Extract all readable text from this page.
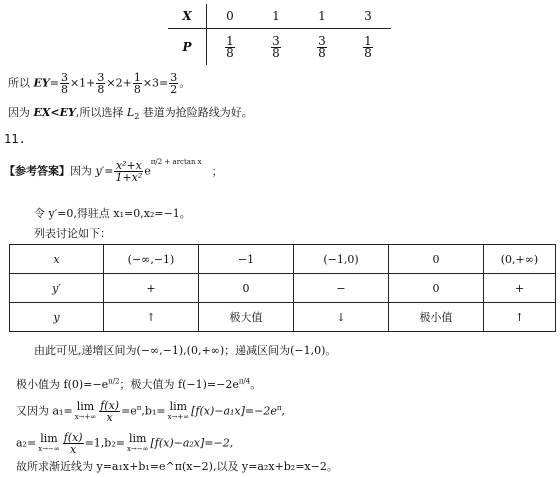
X	0	1	1	3
P	$\frac{1}{8}$	$\frac{3}{8}$	$\frac{3}{8}$	$\frac{1}{8}$
所以 $EY= \frac{3}{8} \times 1+ \frac{3}{8} \times 2+ \frac{1}{8} \times 3= \frac{3}{2}$ 。
因为 EX<EY,所以选择 $L_2$ 巷道为抢险路线为好。
11.
【参考答案】因为 $y'= \frac{\text{x²+x}}{\text{1+x²}} e^{\pi/2 + arctan x}$；
令 y′=0,得驻点 x₁=0,x₂=−1。
列表讨论如下：
x	(−∞,−1)	−1	(−1,0)	0	(0,+∞)
y′	+	0	−	0	+
y	↑	极大值	↓	极小值	↑
由此可见,递增区间为(−∞,−1),(0,+∞)；递减区间为(−1,0)。
极小值为 $f(0)=-e^{\pi/2}$；极大值为 $f(-1)=-2e^{\pi/4}$。
又因为 a₁= lim
$x\to+\infty \frac{f(x)}{x} =e^\pi,b_1= \lim$
x→+∞ $[f(x)-a_1x]=-2e^\pi$,
a₂= lim
$x\to-\infty \frac{f(x)}{x} =1,b_2= \lim$
x→−∞ [f(x)−a₂x]=−2,
故所求渐近线为 y=a₁x+b₁=e^π(x−2),以及 y=a₂x+b₂=x−2。
